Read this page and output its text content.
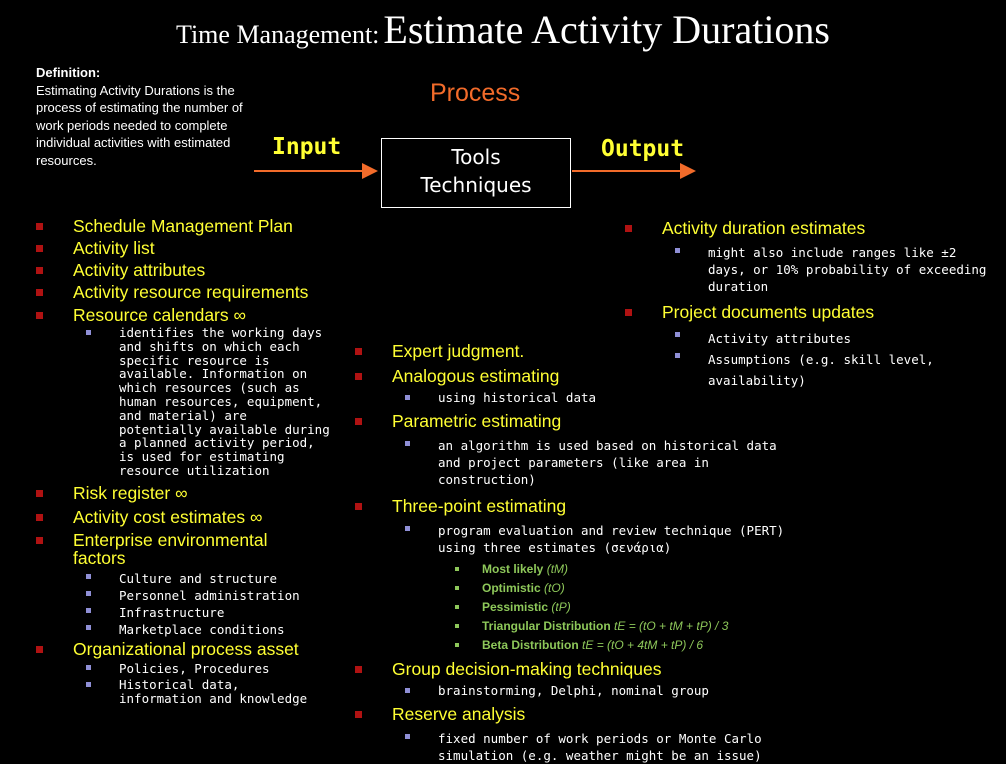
Time Management: Estimate Activity Durations
Definition:
Estimating Activity Durations is the process of estimating the number of work periods needed to complete individual activities with estimated resources.
Process
Input	Output
Tools
Techniques
Schedule Management Plan
Activity list
Activity attributes
Activity resource requirements
Resource calendars ∞
identifies the working days and shifts on which each specific resource is available. Information on which resources (such as human resources, equipment, and material) are potentially available during a planned activity period, is used for estimating resource utilization
Risk register ∞
Activity cost estimates ∞
Enterprise environmental factors
Culture and structure
Personnel administration
Infrastructure
Marketplace conditions
Organizational process asset
Policies, Procedures
Historical data, information and knowledge
Expert judgment.
Analogous estimating
using historical data
Parametric estimating
an algorithm is used based on historical data and project parameters (like area in construction)
Three-point estimating
program evaluation and review technique (PERT) using three estimates (σενάρια)
Most likely (tM)
Optimistic (tO)
Pessimistic (tP)
Triangular Distribution tE = (tO + tM + tP) / 3
Beta Distribution tE = (tO + 4tM + tP) / 6
Group decision-making techniques
brainstorming, Delphi, nominal group
Reserve analysis
fixed number of work periods or Monte Carlo simulation (e.g. weather might be an issue)
Activity duration estimates
might also include ranges like ±2 days, or 10% probability of exceeding duration
Project documents updates
Activity attributes
Assumptions (e.g. skill level, availability)
